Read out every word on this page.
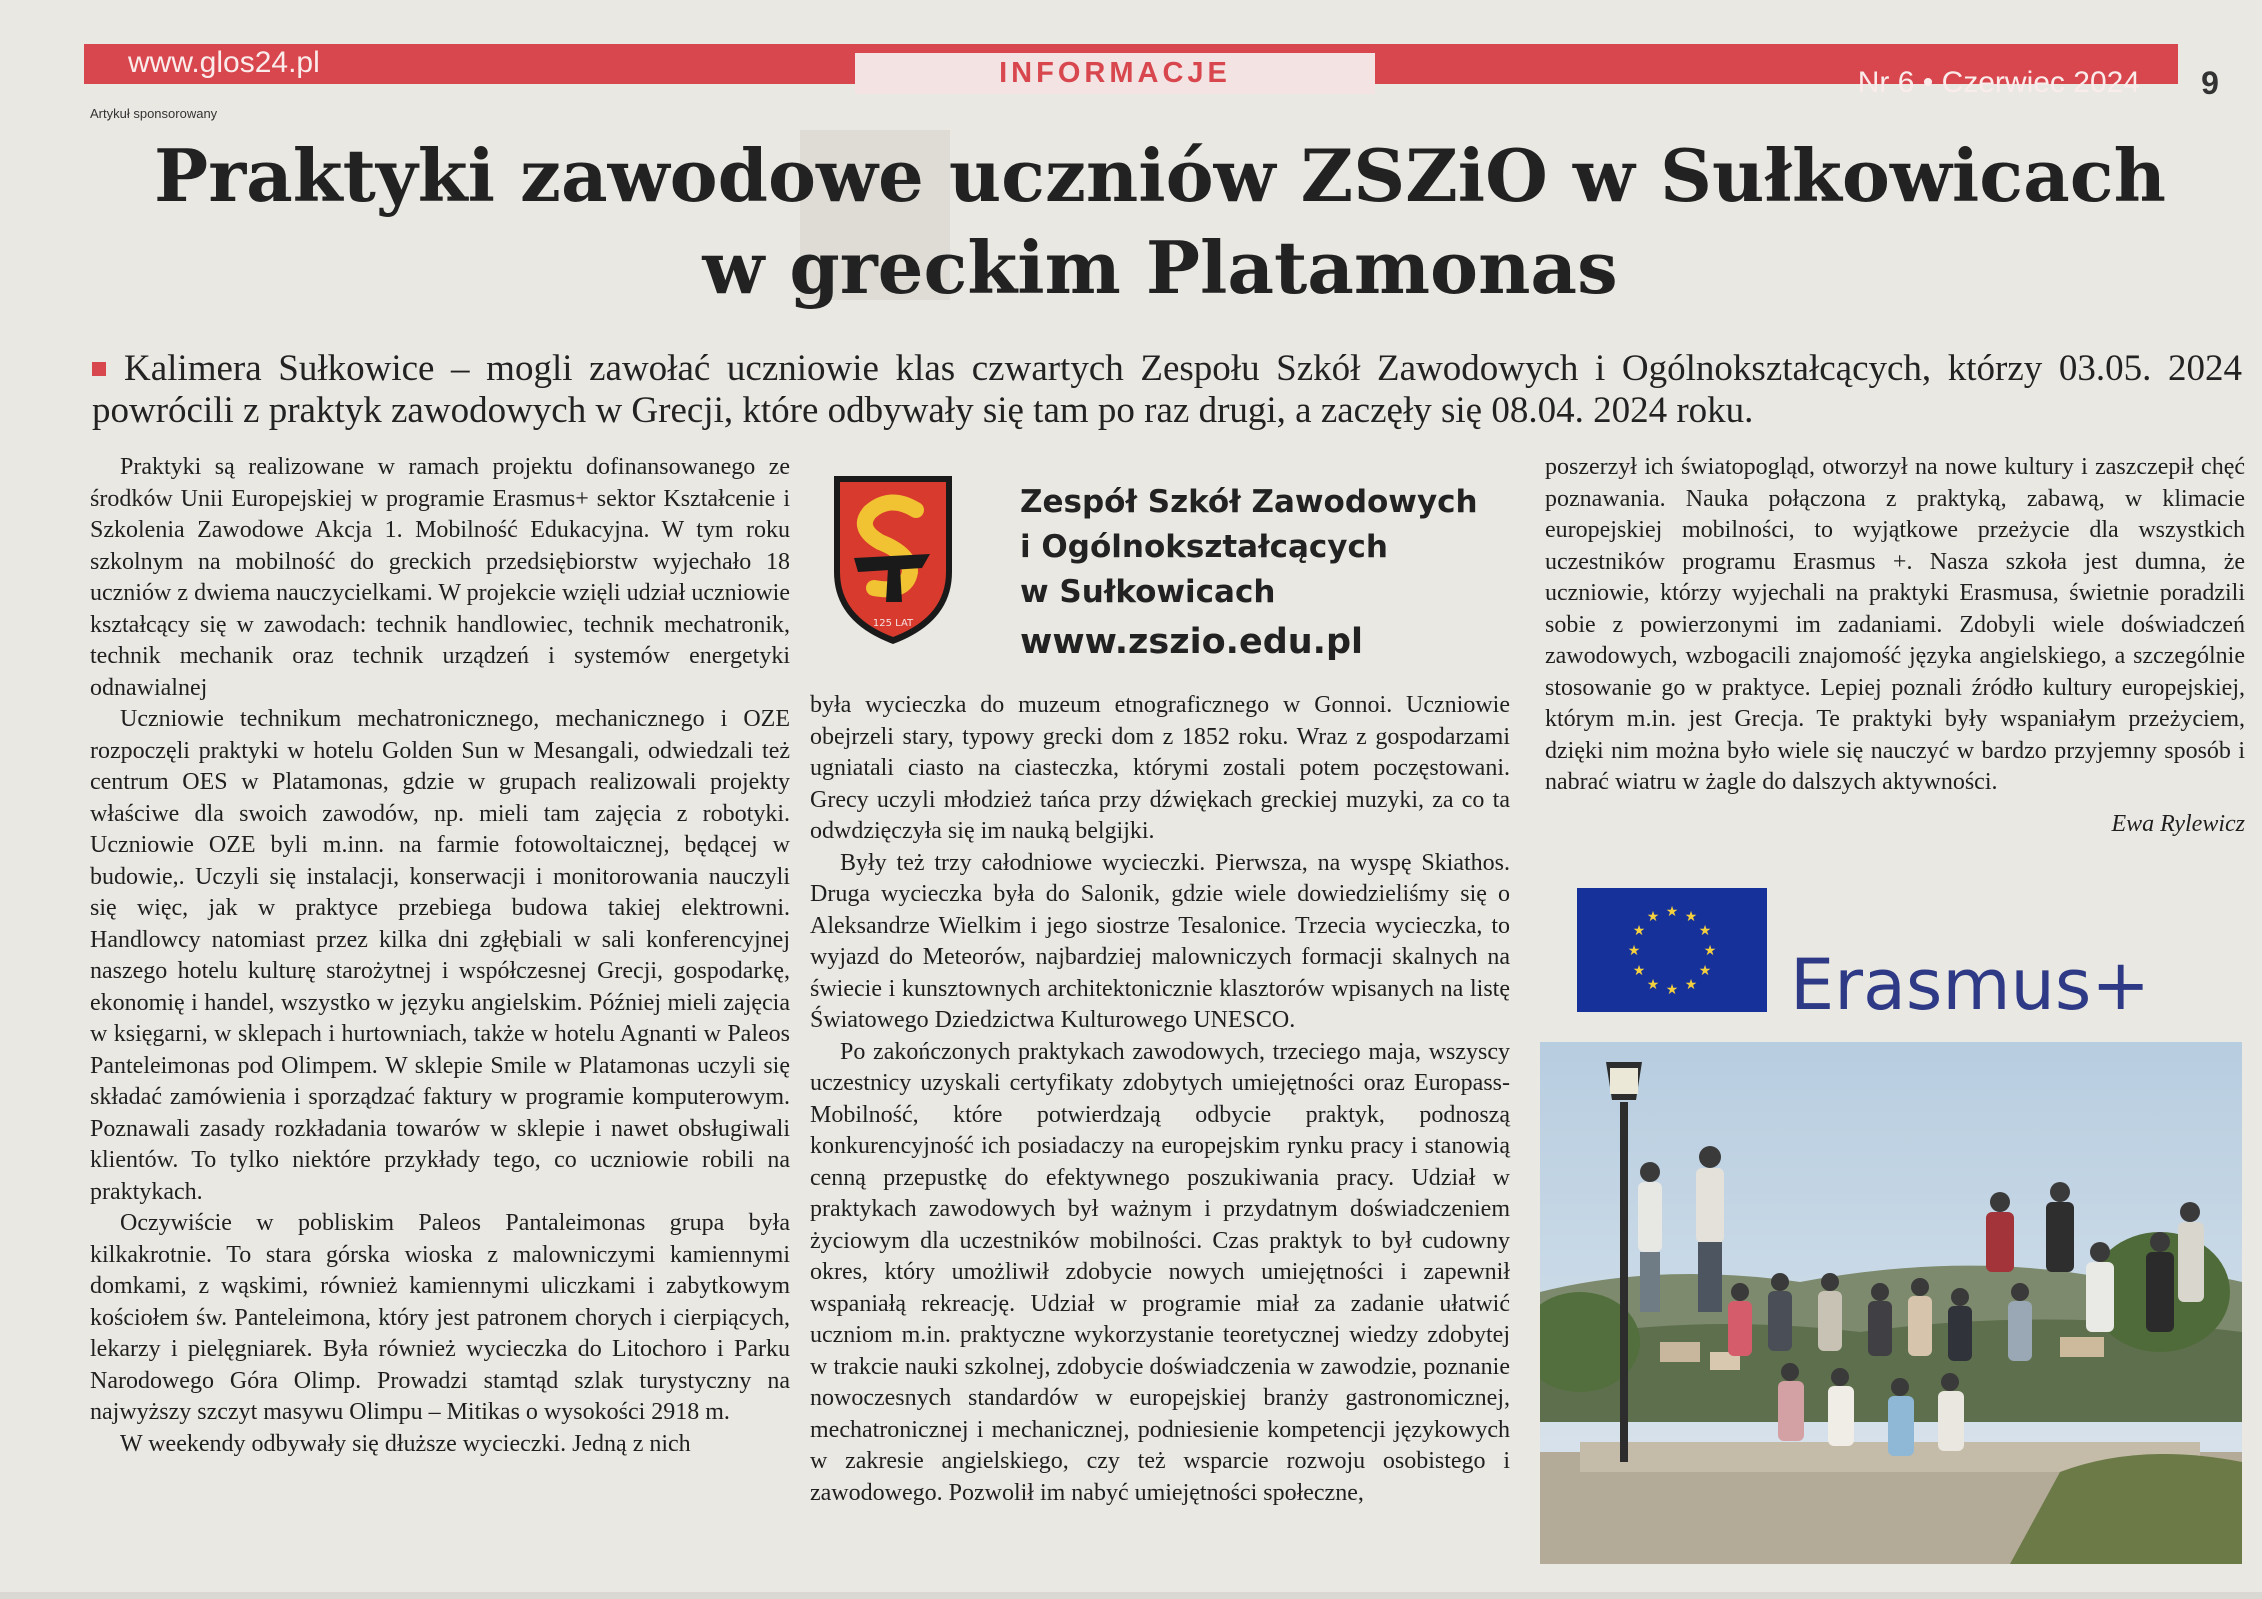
www.glos24.pl	INFORMACJE	Nr 6 • Czerwiec 2024	9
Artykuł sponsorowany
Praktyki zawodowe uczniów ZSZiO w Sułkowicach
w greckim Platamonas
Kalimera Sułkowice – mogli zawołać uczniowie klas czwartych Zespołu Szkół Zawodowych i Ogólnokształcących, którzy 03.05. 2024 powrócili z praktyk zawodowych w Grecji, które odbywały się tam po raz drugi, a zaczęły się 08.04. 2024 roku.

Praktyki są realizowane w ramach projektu dofinansowanego ze środków Unii Europejskiej w programie Erasmus+ sektor Kształcenie i Szkolenia Zawodowe Akcja 1. Mobilność Edukacyjna. W tym roku szkolnym na mobilność do greckich przedsiębiorstw wyjechało 18 uczniów z dwiema nauczycielkami. W projekcie wzięli udział uczniowie kształcący się w zawodach: technik handlowiec, technik mechatronik, technik mechanik oraz technik urządzeń i systemów energetyki odnawialnej

Uczniowie technikum mechatronicznego, mechanicznego i OZE rozpoczęli praktyki w hotelu Golden Sun w Mesangali, odwiedzali też centrum OES w Platamonas, gdzie w grupach realizowali projekty właściwe dla swoich zawodów, np. mieli tam zajęcia z robotyki. Uczniowie OZE byli m.inn. na farmie fotowoltaicznej, będącej w budowie,. Uczyli się instalacji, konserwacji i monitorowania nauczyli się więc, jak w praktyce przebiega budowa takiej elektrowni. Handlowcy natomiast przez kilka dni zgłębiali w sali konferencyjnej naszego hotelu kulturę starożytnej i współczesnej Grecji, gospodarkę, ekonomię i handel, wszystko w języku angielskim. Później mieli zajęcia w księgarni, w sklepach i hurtowniach, także w hotelu Agnanti w Paleos Panteleimonas pod Olimpem. W sklepie Smile w Platamonas uczyli się składać zamówienia i sporządzać faktury w programie komputerowym. Poznawali zasady rozkładania towarów w sklepie i nawet obsługiwali klientów. To tylko niektóre przykłady tego, co uczniowie robili na praktykach.

Oczywiście w pobliskim Paleos Pantaleimonas grupa była kilkakrotnie. To stara górska wioska z malowniczymi kamiennymi domkami, z wąskimi, również kamiennymi uliczkami i zabytkowym kościołem św. Panteleimona, który jest patronem chorych i cierpiących, lekarzy i pielęgniarek. Była również wycieczka do Litochoro i Parku Narodowego Góra Olimp. Prowadzi stamtąd szlak turystyczny na najwyższy szczyt masywu Olimpu – Mitikas o wysokości 2918 m.

W weekendy odbywały się dłuższe wycieczki. Jedną z nich

125 LAT
Zespół Szkół Zawodowych
i Ogólnokształcących
w Sułkowicach
www.zszio.edu.pl

była wycieczka do muzeum etnograficznego w Gonnoi. Uczniowie obejrzeli stary, typowy grecki dom z 1852 roku. Wraz z gospodarzami ugniatali ciasto na ciasteczka, którymi zostali potem poczęstowani. Grecy uczyli młodzież tańca przy dźwiękach greckiej muzyki, za co ta odwdzięczyła się im nauką belgijki.

Były też trzy całodniowe wycieczki. Pierwsza, na wyspę Skiathos. Druga wycieczka była do Salonik, gdzie wiele dowiedzieliśmy się o Aleksandrze Wielkim i jego siostrze Tesalonice. Trzecia wycieczka, to wyjazd do Meteorów, najbardziej malowniczych formacji skalnych na świecie i kunsztownych architektonicznie klasztorów wpisanych na listę Światowego Dziedzictwa Kulturowego UNESCO.

Po zakończonych praktykach zawodowych, trzeciego maja, wszyscy uczestnicy uzyskali certyfikaty zdobytych umiejętności oraz Europass-Mobilność, które potwierdzają odbycie praktyk, podnoszą konkurencyjność ich posiadaczy na europejskim rynku pracy i stanowią cenną przepustkę do efektywnego poszukiwania pracy. Udział w praktykach zawodowych był ważnym i przydatnym doświadczeniem życiowym dla uczestników mobilności. Czas praktyk to był cudowny okres, który umożliwił zdobycie nowych umiejętności i zapewnił wspaniałą rekreację. Udział w programie miał za zadanie ułatwić uczniom m.in. praktyczne wykorzystanie teoretycznej wiedzy zdobytej w trakcie nauki szkolnej, zdobycie doświadczenia w zawodzie, poznanie nowoczesnych standardów w europejskiej branży gastronomicznej, mechatronicznej i mechanicznej, podniesienie kompetencji językowych w zakresie angielskiego, czy też wsparcie rozwoju osobistego i zawodowego. Pozwolił im nabyć umiejętności społeczne,

poszerzył ich światopogląd, otworzył na nowe kultury i zaszczepił chęć poznawania. Nauka połączona z praktyką, zabawą, w klimacie europejskiej mobilności, to wyjątkowe przeżycie dla wszystkich uczestników programu Erasmus +. Nasza szkoła jest dumna, że uczniowie, którzy wyjechali na praktyki Erasmusa, świetnie poradzili sobie z powierzonymi im zadaniami. Zdobyli wiele doświadczeń zawodowych, wzbogacili znajomość języka angielskiego, a szczególnie stosowanie go w praktyce. Lepiej poznali źródło kultury europejskiej, którym m.in. jest Grecja. Te praktyki były wspaniałym przeżyciem, dzięki nim można było wiele się nauczyć w bardzo przyjemny sposób i nabrać wiatru w żagle do dalszych aktywności.

Ewa Rylewicz

★ ★
★
★
★
★
★
★
★
★
★
★
Erasmus+
